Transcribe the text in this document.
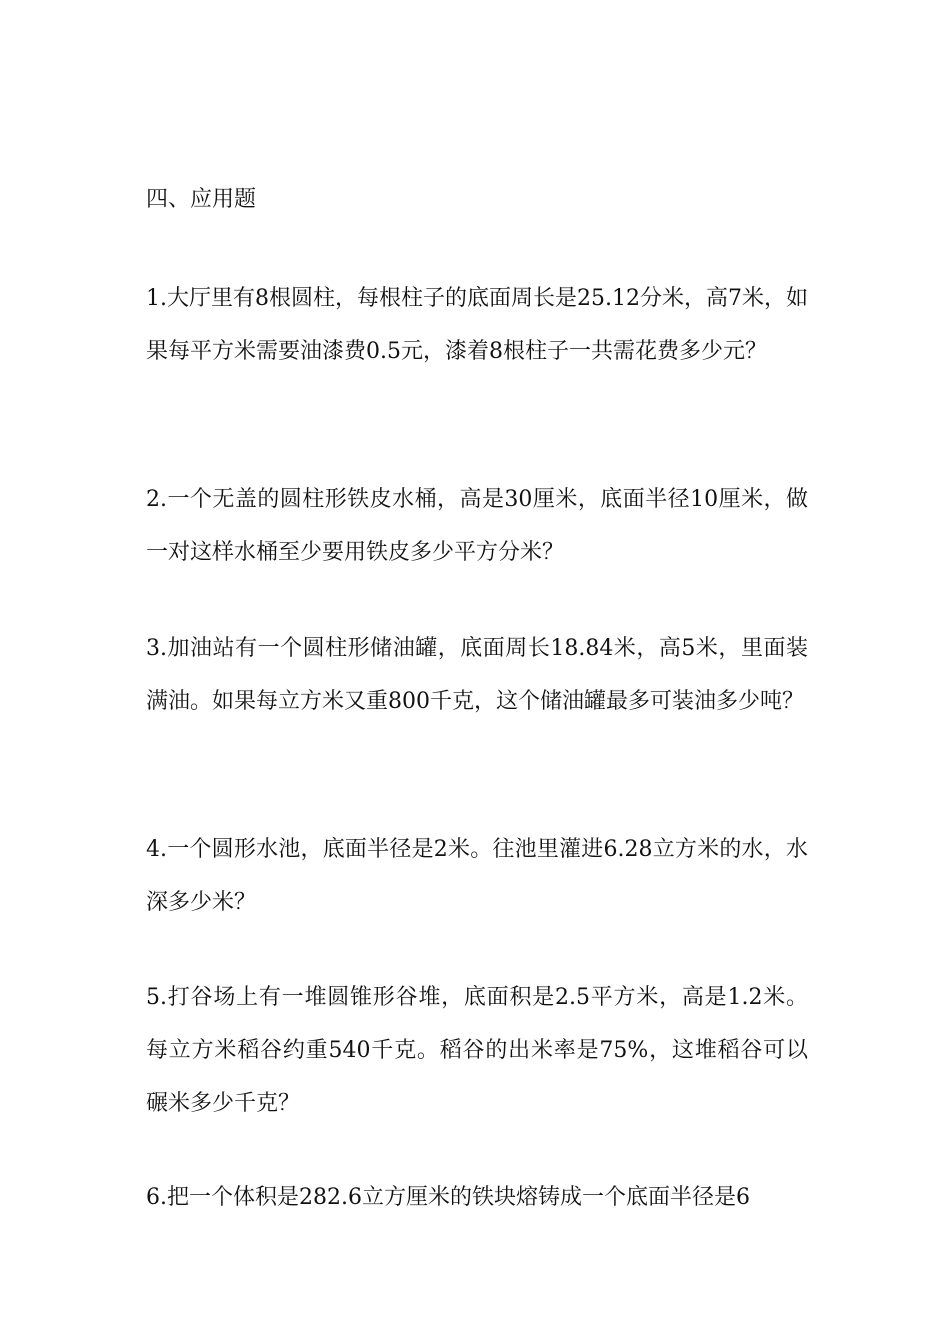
四、应用题

1.大厅里有8根圆柱，每根柱子的底面周长是25.12分米，高7米，如果每平方米需要油漆费0.5元，漆着8根柱子一共需花费多少元？

2.一个无盖的圆柱形铁皮水桶，高是30厘米，底面半径10厘米，做一对这样水桶至少要用铁皮多少平方分米？

3.加油站有一个圆柱形储油罐，底面周长18.84米，高5米，里面装满油。如果每立方米又重800千克，这个储油罐最多可装油多少吨？

4.一个圆形水池，底面半径是2米。往池里灌进6.28立方米的水，水深多少米？

5.打谷场上有一堆圆锥形谷堆，底面积是2.5平方米，高是1.2米。每立方米稻谷约重540千克。稻谷的出米率是75%，这堆稻谷可以碾米多少千克？

6.把一个体积是282.6立方厘米的铁块熔铸成一个底面半径是6
